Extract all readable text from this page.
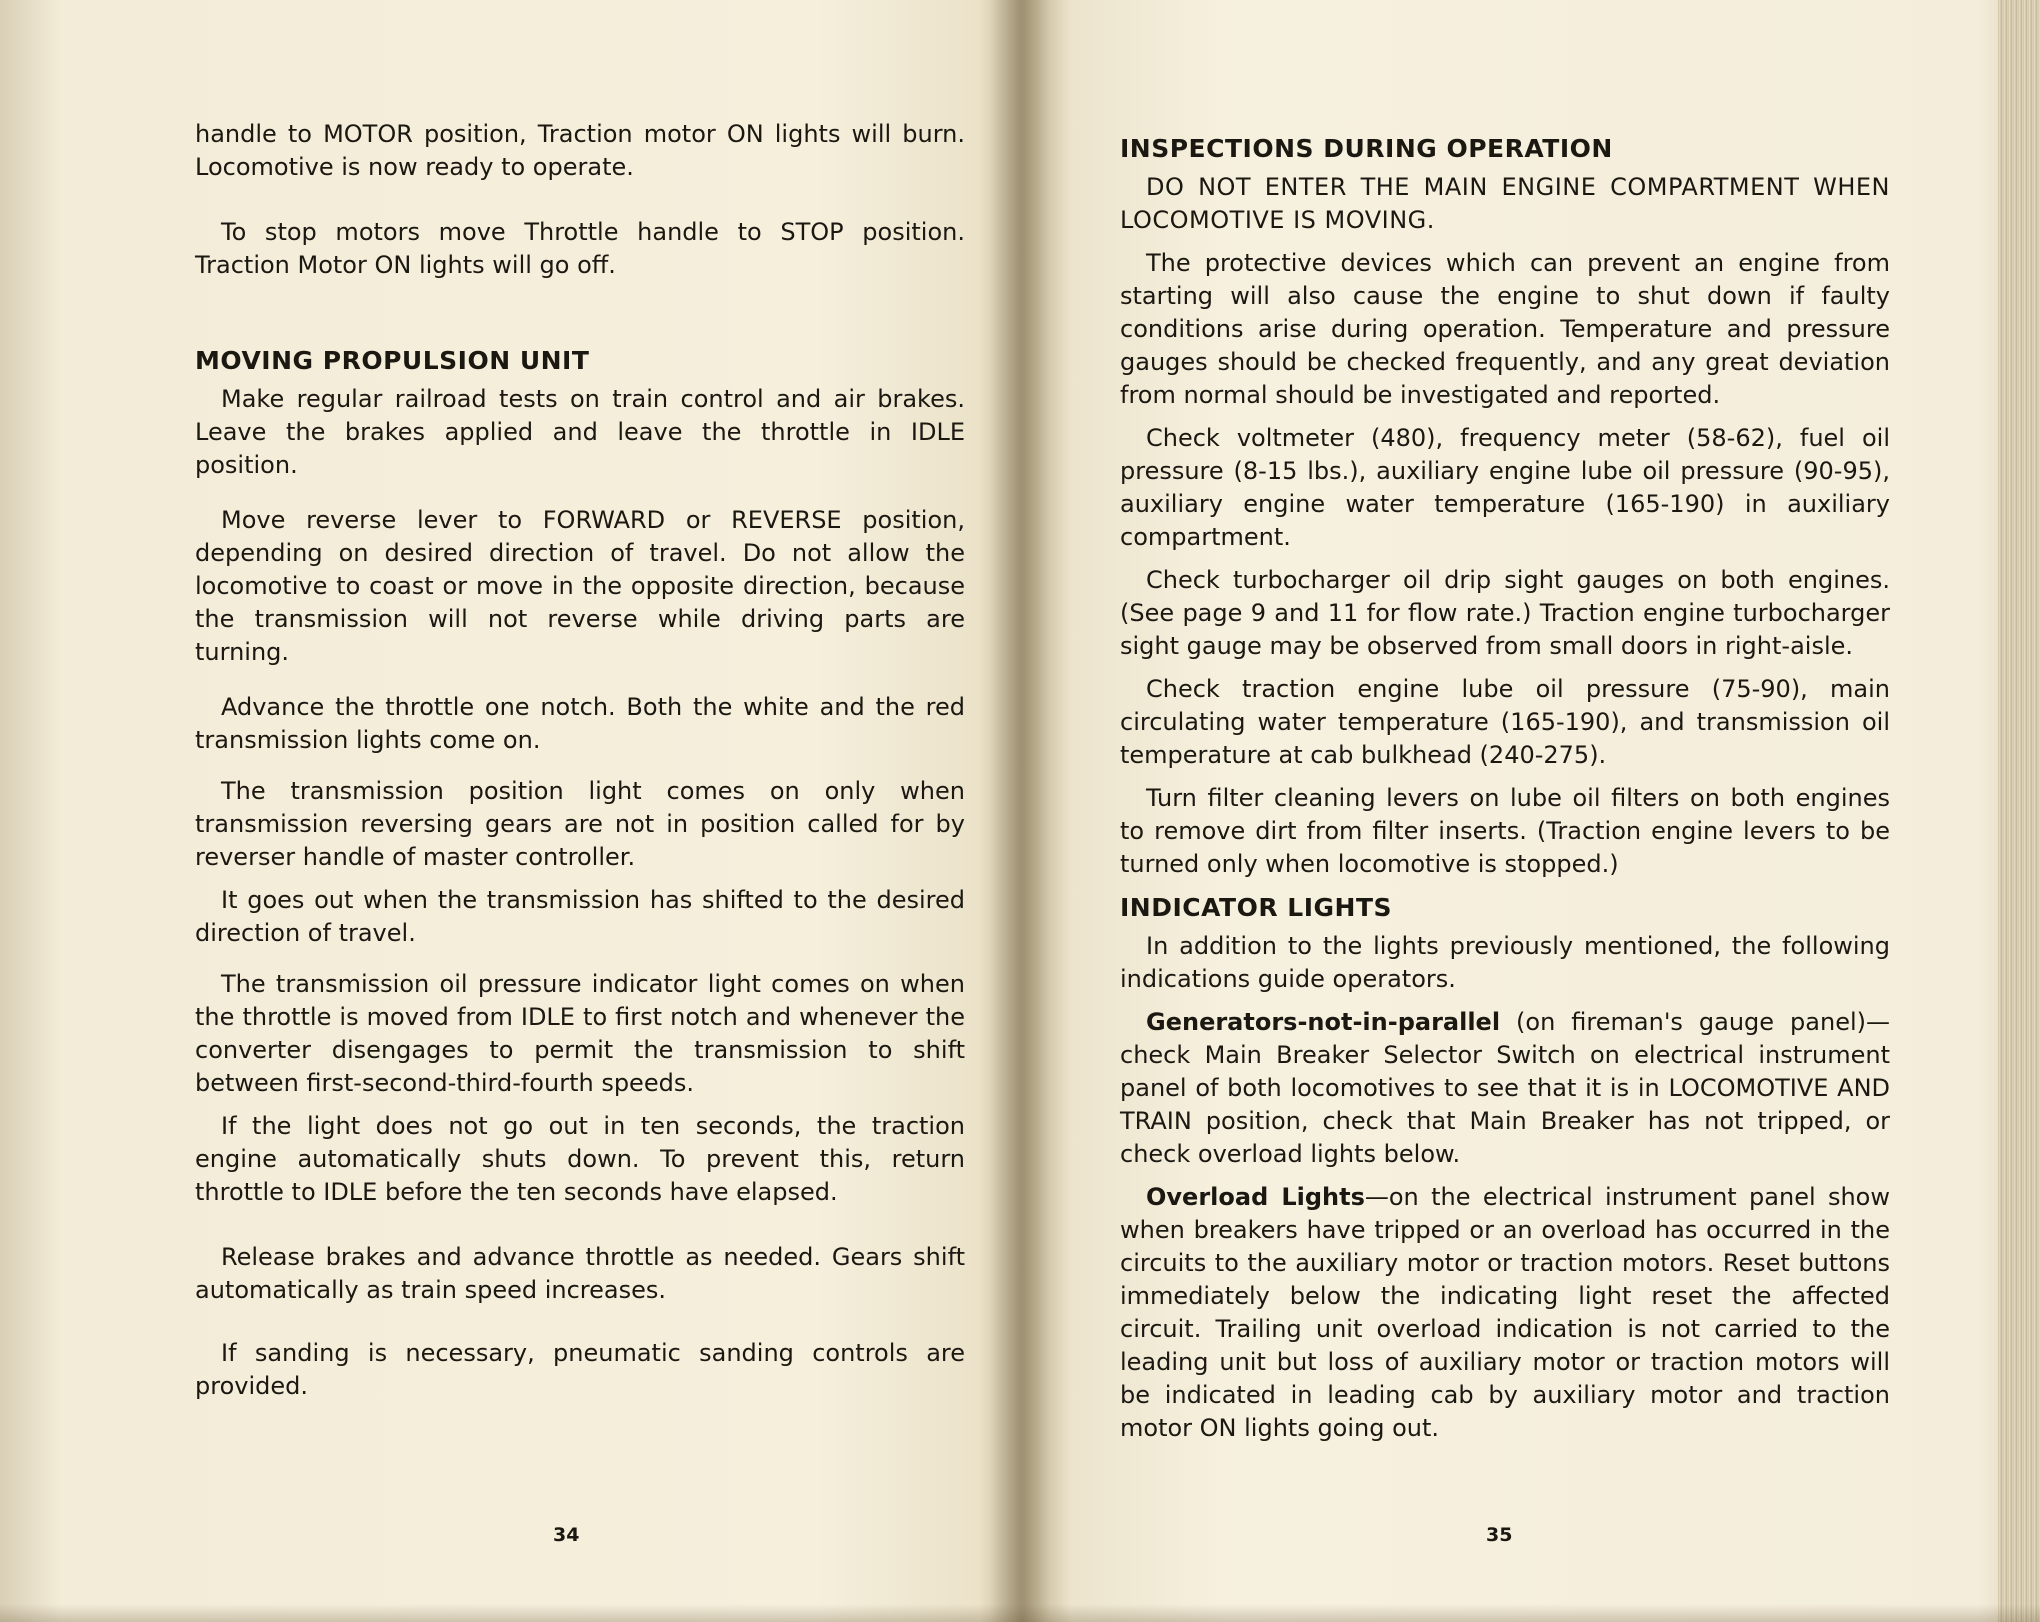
handle to MOTOR position, Traction motor ON lights will burn. Locomotive is now ready to operate.

To stop motors move Throttle handle to STOP position. Traction Motor ON lights will go off.

MOVING PROPULSION UNIT

Make regular railroad tests on train control and air brakes. Leave the brakes applied and leave the throttle in IDLE position.

Move reverse lever to FORWARD or REVERSE position, depending on desired direction of travel. Do not allow the locomotive to coast or move in the opposite direction, because the transmission will not reverse while driving parts are turning.

Advance the throttle one notch. Both the white and the red transmission lights come on.

The transmission position light comes on only when transmission reversing gears are not in position called for by reverser handle of master controller.

It goes out when the transmission has shifted to the desired direction of travel.

The transmission oil pressure indicator light comes on when the throttle is moved from IDLE to first notch and whenever the converter disengages to permit the transmission to shift between first-second-third-fourth speeds.

If the light does not go out in ten seconds, the traction engine automatically shuts down. To prevent this, return throttle to IDLE before the ten seconds have elapsed.

Release brakes and advance throttle as needed. Gears shift automatically as train speed increases.

If sanding is necessary, pneumatic sanding controls are provided.

34
INSPECTIONS DURING OPERATION

DO NOT ENTER THE MAIN ENGINE COMPARTMENT WHEN LOCOMOTIVE IS MOVING.

The protective devices which can prevent an engine from starting will also cause the engine to shut down if faulty conditions arise during operation. Temperature and pressure gauges should be checked frequently, and any great deviation from normal should be investigated and reported.

Check voltmeter (480), frequency meter (58-62), fuel oil pressure (8-15 lbs.), auxiliary engine lube oil pressure (90-95), auxiliary engine water temperature (165-190) in auxiliary compartment.

Check turbocharger oil drip sight gauges on both engines. (See page 9 and 11 for flow rate.) Traction engine turbocharger sight gauge may be observed from small doors in right-aisle.

Check traction engine lube oil pressure (75-90), main circulating water temperature (165-190), and transmission oil temperature at cab bulkhead (240-275).

Turn filter cleaning levers on lube oil filters on both engines to remove dirt from filter inserts. (Traction engine levers to be turned only when locomotive is stopped.)

INDICATOR LIGHTS

In addition to the lights previously mentioned, the following indications guide operators.

Generators-not-in-parallel (on fireman's gauge panel)—check Main Breaker Selector Switch on electrical instrument panel of both locomotives to see that it is in LOCOMOTIVE AND TRAIN position, check that Main Breaker has not tripped, or check overload lights below.

Overload Lights—on the electrical instrument panel show when breakers have tripped or an overload has occurred in the circuits to the auxiliary motor or traction motors. Reset buttons immediately below the indicating light reset the affected circuit. Trailing unit overload indication is not carried to the leading unit but loss of auxiliary motor or traction motors will be indicated in leading cab by auxiliary motor and traction motor ON lights going out.

35
